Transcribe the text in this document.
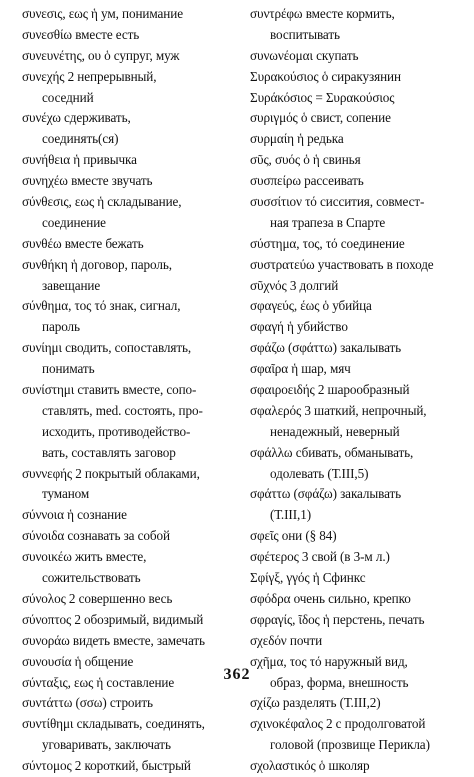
συνεσις, εως ἡ ум, понимание
συνεσθίω вместе есть
συνευνέτης, ου ὁ супруг, муж
συνεχής 2 непрерывный,
соседний
συνέχω сдерживать,
соединять(ся)
συνήθεια ἡ привычка
συνηχέω вместе звучать
σύνθεσις, εως ἡ складывание,
соединение
συνθέω вместе бежать
συνθήκη ἡ договор, пароль,
завещание
σύνθημα, τος τό знак, сигнал,
пароль
συνίημι сводить, сопоставлять,
понимать
συνίστημι ставить вместе, сопо-
ставлять, med. состоять, про-
исходить, противодейство-
вать, составлять заговор
συννεφής 2 покрытый облаками,
туманом
σύννοια ἡ сознание
σύνοιδα сознавать за собой
συνοικέω жить вместе,
сожительствовать
σύνολος 2 совершенно весь
σύνοπτος 2 обозримый, видимый
συνοράω видеть вместе, замечать
συνουσία ἡ общение
σύνταξις, εως ἡ составление
συντάττω (σσω) строить
συντίθημι складывать, соединять,
уговаривать, заключать
σύντομος 2 короткий, быстрый
συντρέφω вместе кормить,
воспитывать
συνωνέομαι скупать
Συρακούσιος ὁ сиракузянин
Συράκόσιος = Συρακούσιος
συριγμός ὁ свист, сопение
συρμαίη ἡ редька
σῦς, συός ὁ ἡ свинья
συσπείρω рассеивать
συσσίτιον τό сиссития, совмест-
ная трапеза в Спарте
σύστημα, τος, τό соединение
συστρατεύω участвовать в походе
σῦχνός 3 долгий
σφαγεύς, έως ὁ убийца
σφαγή ἡ убийство
σφάζω (σφάττω) закалывать
σφαῖρα ἡ шар, мяч
σφαιροειδής 2 шарообразный
σφαλερός 3 шаткий, непрочный,
ненадежный, неверный
σφάλλω сбивать, обманывать,
одолевать (Т.III,5)
σφάττω (σφάζω) закалывать
(Т.III,1)
σφεῖς они (§ 84)
σφέτερος 3 свой (в 3-м л.)
Σφίγξ, γγός ἡ Сфинкс
σφόδρα очень сильно, крепко
σφραγίς, ῖδος ἡ перстень, печать
σχεδόν почти
σχῆμα, τος τό наружный вид,
образ, форма, внешность
σχίζω разделять (Т.III,2)
σχινοκέφαλος 2 с продолговатой
головой (прозвище Перикла)
σχολαστικός ὁ школяр
362
